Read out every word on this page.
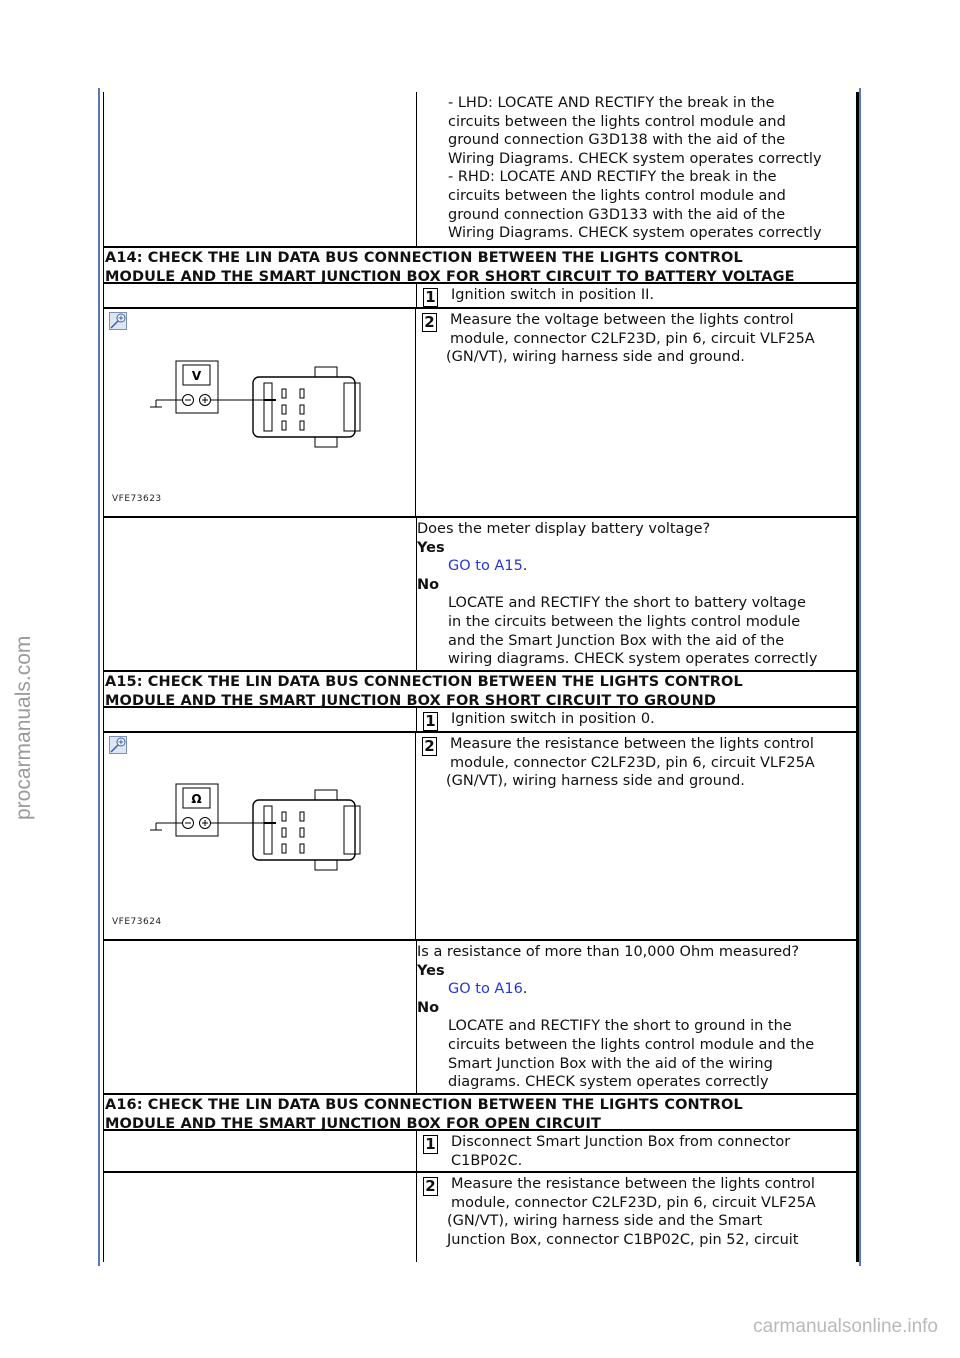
procarmanuals.com
carmanualsonline.info
- LHD: LOCATE AND RECTIFY the break in the
circuits between the lights control module and
ground connection G3D138 with the aid of the
Wiring Diagrams. CHECK system operates correctly
- RHD: LOCATE AND RECTIFY the break in the
circuits between the lights control module and
ground connection G3D133 with the aid of the
Wiring Diagrams. CHECK system operates correctly
A14: CHECK THE LIN DATA BUS CONNECTION BETWEEN THE LIGHTS CONTROL
MODULE AND THE SMART JUNCTION BOX FOR SHORT CIRCUIT TO BATTERY VOLTAGE
1 Ignition switch in position II.
V
VFE73623
2 Measure the voltage between the lights control
module, connector C2LF23D, pin 6, circuit VLF25A
(GN/VT), wiring harness side and ground.
Does the meter display battery voltage?
Yes
GO to A15.
No
LOCATE and RECTIFY the short to battery voltage
in the circuits between the lights control module
and the Smart Junction Box with the aid of the
wiring diagrams. CHECK system operates correctly
A15: CHECK THE LIN DATA BUS CONNECTION BETWEEN THE LIGHTS CONTROL
MODULE AND THE SMART JUNCTION BOX FOR SHORT CIRCUIT TO GROUND
1 Ignition switch in position 0.
Ω
VFE73624
2 Measure the resistance between the lights control
module, connector C2LF23D, pin 6, circuit VLF25A
(GN/VT), wiring harness side and ground.
Is a resistance of more than 10,000 Ohm measured?
Yes
GO to A16.
No
LOCATE and RECTIFY the short to ground in the
circuits between the lights control module and the
Smart Junction Box with the aid of the wiring
diagrams. CHECK system operates correctly
A16: CHECK THE LIN DATA BUS CONNECTION BETWEEN THE LIGHTS CONTROL
MODULE AND THE SMART JUNCTION BOX FOR OPEN CIRCUIT
1 Disconnect Smart Junction Box from connector
C1BP02C.
2 Measure the resistance between the lights control
module, connector C2LF23D, pin 6, circuit VLF25A
(GN/VT), wiring harness side and the Smart
Junction Box, connector C1BP02C, pin 52, circuit
